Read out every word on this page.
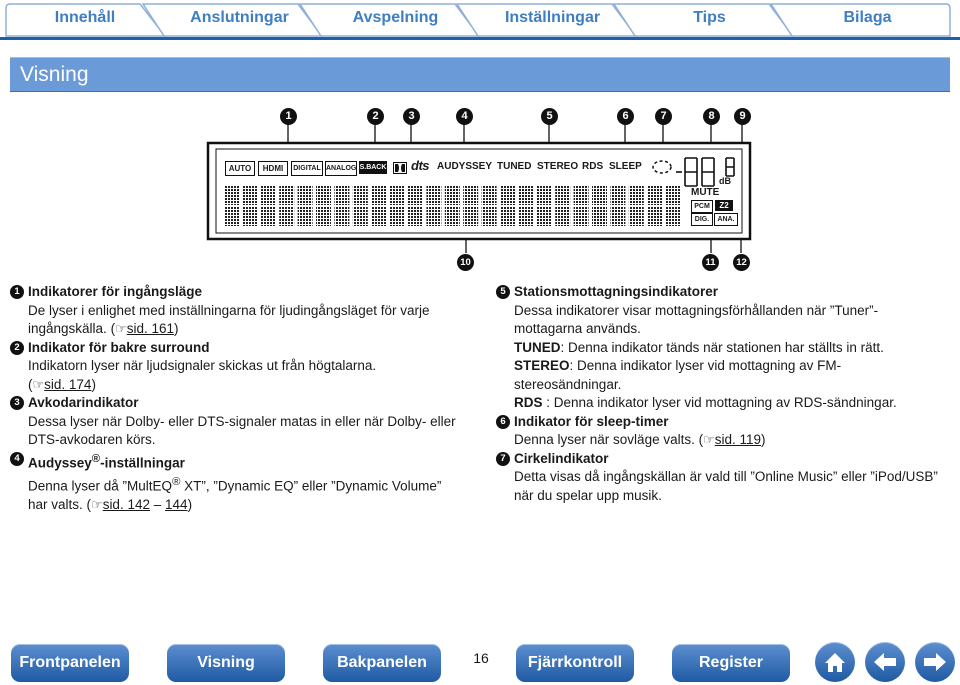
Innehåll	Anslutningar	Avspelning	Inställningar	Tips	Bilaga
Visning
AUTO	HDMI	DIGITAL ANALOG S.BACK dts AUDYSSEY TUNED STEREO RDS SLEEP
dB
MUTE
PCM	Z2
DIG.	ANA.
1	2	3	4	5	6	7	8	9
10	11	12
1 Indikatorer för ingångsläge
De lyser i enlighet med inställningarna för ljudingångsläget för varje
ingångskälla. (☞sid. 161)
2 Indikator för bakre surround
Indikatorn lyser när ljudsignaler skickas ut från högtalarna.
(☞sid. 174)
3 Avkodarindikator
Dessa lyser när Dolby- eller DTS-signaler matas in eller när Dolby- eller
DTS-avkodaren körs.
4 Audyssey®-inställningar
Denna lyser då ”MultEQ® XT”, ”Dynamic EQ” eller ”Dynamic Volume”
har valts. (☞sid. 142 – 144)
5 Stationsmottagningsindikatorer
Dessa indikatorer visar mottagningsförhållanden när ”Tuner”-
mottagarna används.
TUNED: Denna indikator tänds när stationen har ställts in rätt.
STEREO: Denna indikator lyser vid mottagning av FM-
stereosändningar.
RDS : Denna indikator lyser vid mottagning av RDS-sändningar.
6 Indikator för sleep-timer
Denna lyser när sovläge valts. (☞sid. 119)
7 Cirkelindikator
Detta visas då ingångskällan är vald till ”Online Music” eller ”iPod/USB”
när du spelar upp musik.
Frontpanelen	Visning	Bakpanelen	16	Fjärrkontroll	Register
